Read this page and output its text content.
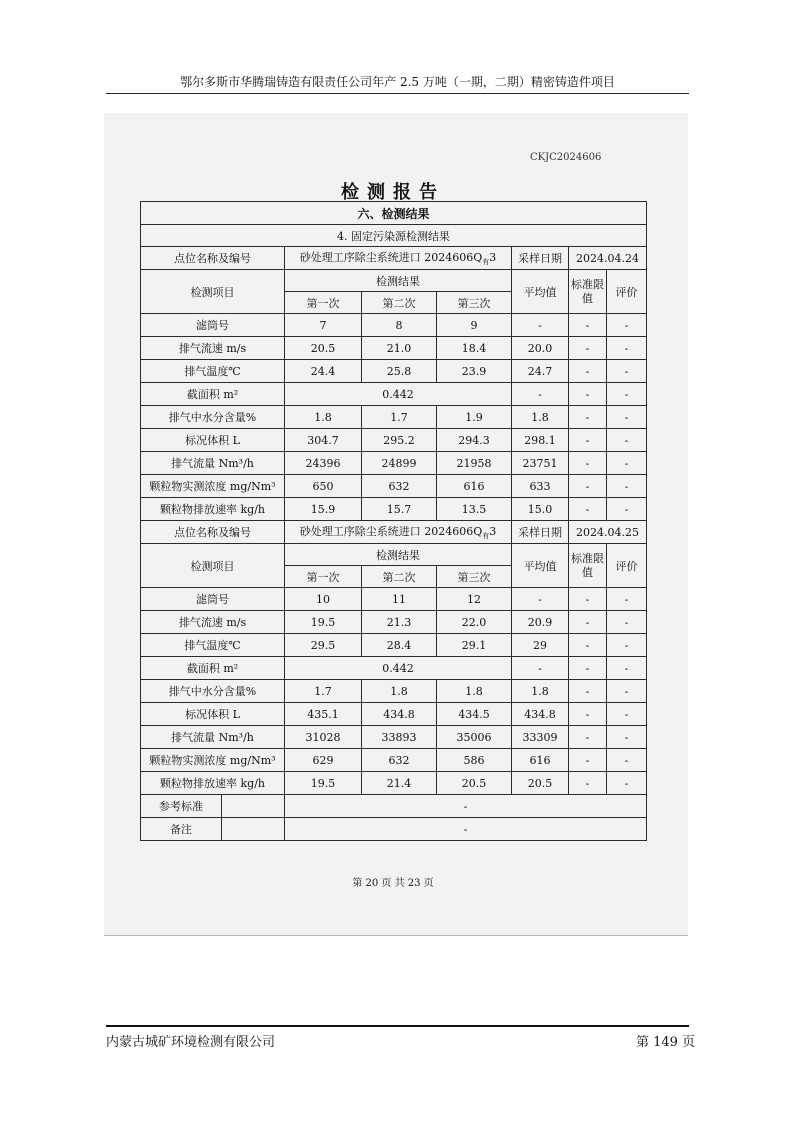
鄂尔多斯市华腾瑞铸造有限责任公司年产 2.5 万吨（一期，二期）精密铸造件项目
CKJC2024606
检测报告
六、检测结果						
4. 固定污染源检测结果						
点位名称及编号	砂处理工序除尘系统进口 $2024606Q_有3$			采样日期	2024.04.24	
检测项目	检测结果			平均值	标准限值	评价
	第一次	第二次	第三次			
滤筒号	7	8	9	-	-	-
排气流速 m/s	20.5	21.0	18.4	20.0	-	-
排气温度℃	24.4	25.8	23.9	24.7	-	-
截面积 m²	0.442			-	-	-
排气中水分含量%	1.8	1.7	1.9	1.8	-	-
标况体积 L	304.7	295.2	294.3	298.1	-	-
排气流量 Nm³/h	24396	24899	21958	23751	-	-
颗粒物实测浓度 mg/Nm³	650	632	616	633	-	-
颗粒物排放速率 kg/h	15.9	15.7	13.5	15.0	-	-
点位名称及编号	砂处理工序除尘系统进口 $2024606Q_有3$			采样日期	2024.04.25	
检测项目	检测结果			平均值	标准限值	评价
	第一次	第二次	第三次			
滤筒号	10	11	12	-	-	-
排气流速 m/s	19.5	21.3	22.0	20.9	-	-
排气温度℃	29.5	28.4	29.1	29	-	-
截面积 m²	0.442			-	-	-
排气中水分含量%	1.7	1.8	1.8	1.8	-	-
标况体积 L	435.1	434.8	434.5	434.8	-	-
排气流量 Nm³/h	31028	33893	35006	33309	-	-
颗粒物实测浓度 mg/Nm³	629	632	586	616	-	-
颗粒物排放速率 kg/h	19.5	21.4	20.5	20.5	-	-

参考标准	-					

备注	-					
第 20 页 共 23 页
内蒙古城矿环境检测有限公司	第 149 页
